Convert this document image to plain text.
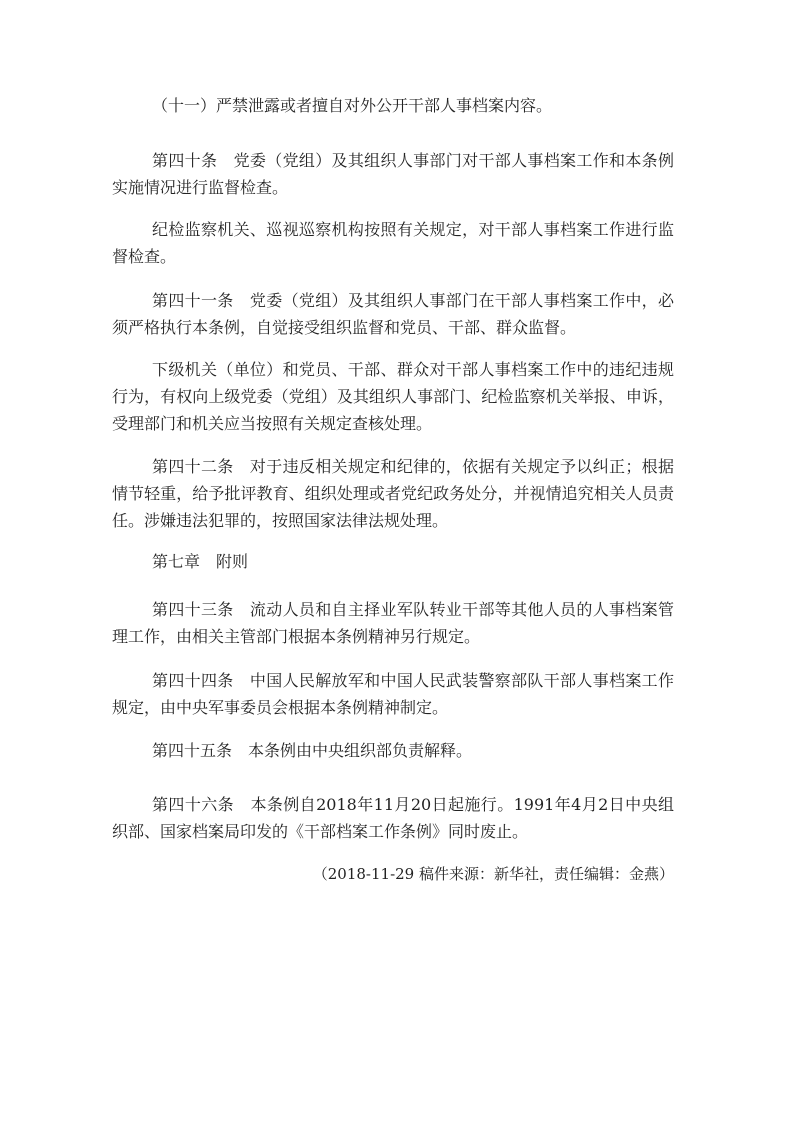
（十一）严禁泄露或者擅自对外公开干部人事档案内容。

第四十条　党委（党组）及其组织人事部门对干部人事档案工作和本条例实施情况进行监督检查。

纪检监察机关、巡视巡察机构按照有关规定，对干部人事档案工作进行监督检查。

第四十一条　党委（党组）及其组织人事部门在干部人事档案工作中，必须严格执行本条例，自觉接受组织监督和党员、干部、群众监督。

下级机关（单位）和党员、干部、群众对干部人事档案工作中的违纪违规行为，有权向上级党委（党组）及其组织人事部门、纪检监察机关举报、申诉，受理部门和机关应当按照有关规定查核处理。

第四十二条　对于违反相关规定和纪律的，依据有关规定予以纠正；根据情节轻重，给予批评教育、组织处理或者党纪政务处分，并视情追究相关人员责任。涉嫌违法犯罪的，按照国家法律法规处理。

第七章　附则

第四十三条　流动人员和自主择业军队转业干部等其他人员的人事档案管理工作，由相关主管部门根据本条例精神另行规定。

第四十四条　中国人民解放军和中国人民武装警察部队干部人事档案工作规定，由中央军事委员会根据本条例精神制定。

第四十五条　本条例由中央组织部负责解释。

第四十六条　本条例自2018年11月20日起施行。1991年4月2日中央组织部、国家档案局印发的《干部档案工作条例》同时废止。

（2018-11-29 稿件来源：新华社，责任编辑：金燕）
